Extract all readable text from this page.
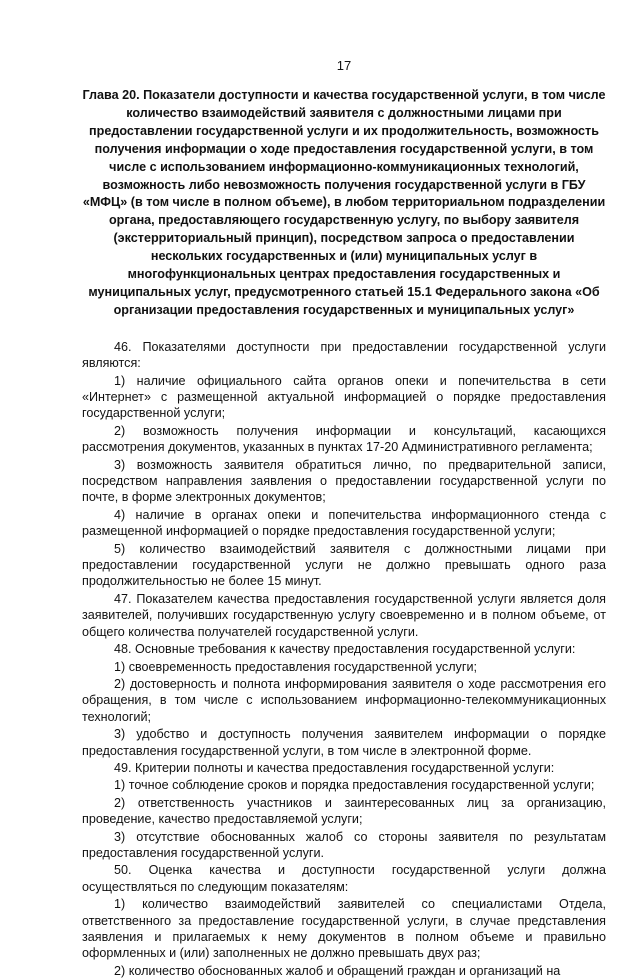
17
Глава 20. Показатели доступности и качества государственной услуги, в том числе количество взаимодействий заявителя с должностными лицами при предоставлении государственной услуги и их продолжительность, возможность получения информации о ходе предоставления государственной услуги, в том числе с использованием информационно-коммуникационных технологий, возможность либо невозможность получения государственной услуги в ГБУ «МФЦ» (в том числе в полном объеме), в любом территориальном подразделении органа, предоставляющего государственную услугу, по выбору заявителя (экстерриториальный принцип), посредством запроса о предоставлении нескольких государственных и (или) муниципальных услуг в многофункциональных центрах предоставления государственных и муниципальных услуг, предусмотренного статьей 15.1 Федерального закона «Об организации предоставления государственных и муниципальных услуг»

46. Показателями доступности при предоставлении государственной услуги являются:

1) наличие официального сайта органов опеки и попечительства в сети «Интернет» с размещенной актуальной информацией о порядке предоставления государственной услуги;

2) возможность получения информации и консультаций, касающихся рассмотрения документов, указанных в пунктах 17-20 Административного регламента;

3) возможность заявителя обратиться лично, по предварительной записи, посредством направления заявления о предоставлении государственной услуги по почте, в форме электронных документов;

4) наличие в органах опеки и попечительства информационного стенда с размещенной информацией о порядке предоставления государственной услуги;

5) количество взаимодействий заявителя с должностными лицами при предоставлении государственной услуги не должно превышать одного раза продолжительностью не более 15 минут.

47. Показателем качества предоставления государственной услуги является доля заявителей, получивших государственную услугу своевременно и в полном объеме, от общего количества получателей государственной услуги.

48. Основные требования к качеству предоставления государственной услуги:

1) своевременность предоставления государственной услуги;

2) достоверность и полнота информирования заявителя о ходе рассмотрения его обращения, в том числе с использованием информационно-телекоммуникационных технологий;

3) удобство и доступность получения заявителем информации о порядке предоставления государственной услуги, в том числе в электронной форме.

49. Критерии полноты и качества предоставления государственной услуги:

1) точное соблюдение сроков и порядка предоставления государственной услуги;

2) ответственность участников и заинтересованных лиц за организацию, проведение, качество предоставляемой услуги;

3) отсутствие обоснованных жалоб со стороны заявителя по результатам предоставления государственной услуги.

50. Оценка качества и доступности государственной услуги должна осуществляться по следующим показателям:

1) количество взаимодействий заявителей со специалистами Отдела, ответственного за предоставление государственной услуги, в случае представления заявления и прилагаемых к нему документов в полном объеме и правильно оформленных и (или) заполненных не должно превышать двух раз;

2) количество обоснованных жалоб и обращений граждан и организаций на
